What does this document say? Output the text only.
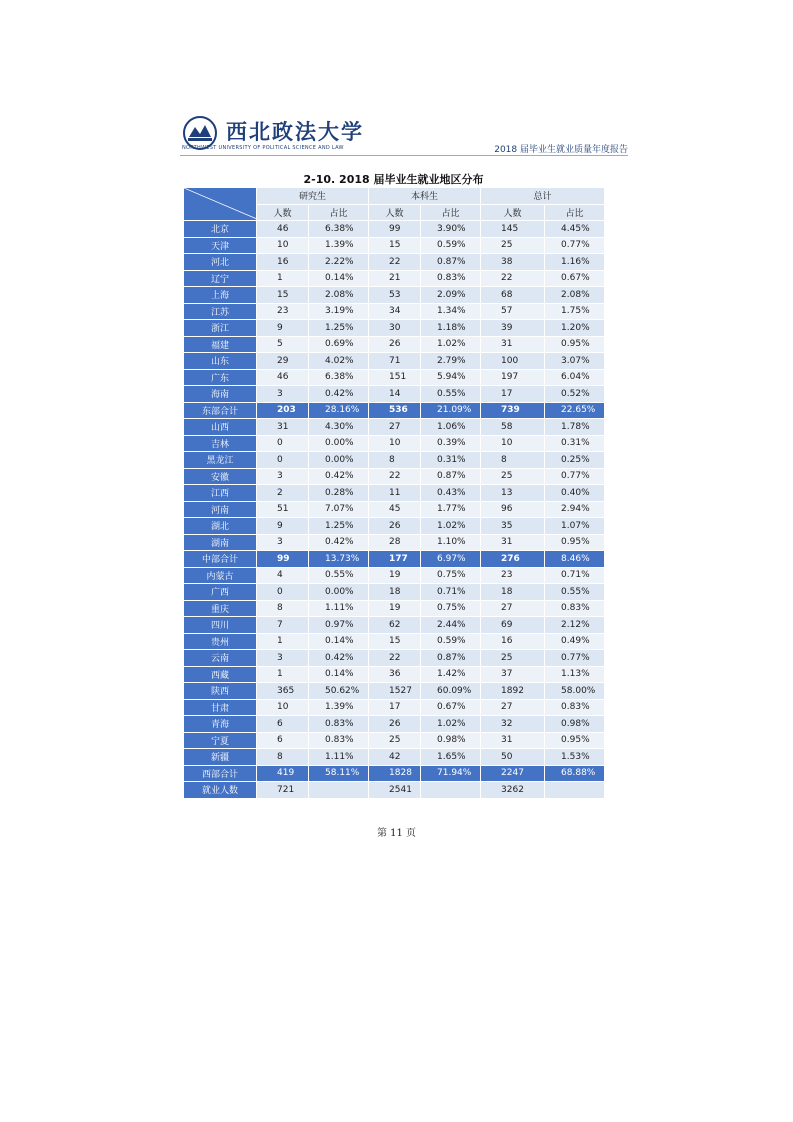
西北政法大学
NORTHWEST UNIVERSITY OF POLITICAL SCIENCE AND LAW	2018 届毕业生就业质量年度报告
2-10. 2018 届毕业生就业地区分布
	研究生		本科生		总计	
	人数	占比	人数	占比	人数	占比
北京	46	6.38%	99	3.90%	145	4.45%
天津	10	1.39%	15	0.59%	25	0.77%
河北	16	2.22%	22	0.87%	38	1.16%
辽宁	1	0.14%	21	0.83%	22	0.67%
上海	15	2.08%	53	2.09%	68	2.08%
江苏	23	3.19%	34	1.34%	57	1.75%
浙江	9	1.25%	30	1.18%	39	1.20%
福建	5	0.69%	26	1.02%	31	0.95%
山东	29	4.02%	71	2.79%	100	3.07%
广东	46	6.38%	151	5.94%	197	6.04%
海南	3	0.42%	14	0.55%	17	0.52%
东部合计	203	28.16%	536	21.09%	739	22.65%
山西	31	4.30%	27	1.06%	58	1.78%
吉林	0	0.00%	10	0.39%	10	0.31%
黑龙江	0	0.00%	8	0.31%	8	0.25%
安徽	3	0.42%	22	0.87%	25	0.77%
江西	2	0.28%	11	0.43%	13	0.40%
河南	51	7.07%	45	1.77%	96	2.94%
湖北	9	1.25%	26	1.02%	35	1.07%
湖南	3	0.42%	28	1.10%	31	0.95%
中部合计	99	13.73%	177	6.97%	276	8.46%
内蒙古	4	0.55%	19	0.75%	23	0.71%
广西	0	0.00%	18	0.71%	18	0.55%
重庆	8	1.11%	19	0.75%	27	0.83%
四川	7	0.97%	62	2.44%	69	2.12%
贵州	1	0.14%	15	0.59%	16	0.49%
云南	3	0.42%	22	0.87%	25	0.77%
西藏	1	0.14%	36	1.42%	37	1.13%
陕西	365	50.62%	1527	60.09%	1892	58.00%
甘肃	10	1.39%	17	0.67%	27	0.83%
青海	6	0.83%	26	1.02%	32	0.98%
宁夏	6	0.83%	25	0.98%	31	0.95%
新疆	8	1.11%	42	1.65%	50	1.53%
西部合计	419	58.11%	1828	71.94%	2247	68.88%
就业人数	721		2541		3262	
第 11 页
